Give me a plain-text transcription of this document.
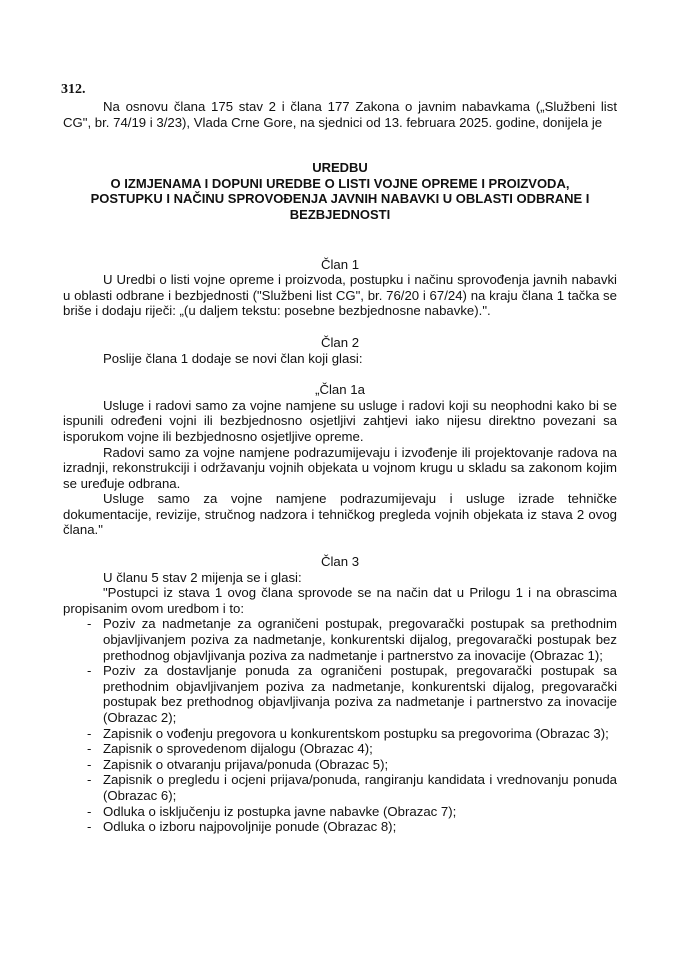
312.

Na osnovu člana 175 stav 2 i člana 177 Zakona o javnim nabavkama („Službeni list CG", br. 74/19 i 3/23), Vlada Crne Gore, na sjednici od 13. februara 2025. godine, donijela je

UREDBU
O IZMJENAMA I DOPUNI UREDBE O LISTI VOJNE OPREME I PROIZVODA,
POSTUPKU I NAČINU SPROVOĐENJA JAVNIH NABAVKI U OBLASTI ODBRANE I
BEZBJEDNOSTI
Član 1

U Uredbi o listi vojne opreme i proizvoda, postupku i načinu sprovođenja javnih nabavki u oblasti odbrane i bezbjednosti ("Službeni list CG", br. 76/20 i 67/24) na kraju člana 1 tačka se briše i dodaju riječi: „(u daljem tekstu: posebne bezbjednosne nabavke).".

Član 2

Poslije člana 1 dodaje se novi član koji glasi:

„Član 1a

Usluge i radovi samo za vojne namjene su usluge i radovi koji su neophodni kako bi se ispunili određeni vojni ili bezbjednosno osjetljivi zahtjevi iako nijesu direktno povezani sa isporukom vojne ili bezbjednosno osjetljive opreme.

Radovi samo za vojne namjene podrazumijevaju i izvođenje ili projektovanje radova na izradnji, rekonstrukciji i održavanju vojnih objekata u vojnom krugu u skladu sa zakonom kojim se uređuje odbrana.

Usluge samo za vojne namjene podrazumijevaju i usluge izrade tehničke dokumentacije, revizije, stručnog nadzora i tehničkog pregleda vojnih objekata iz stava 2 ovog člana."

Član 3

U članu 5 stav 2 mijenja se i glasi:

"Postupci iz stava 1 ovog člana sprovode se na način dat u Prilogu 1 i na obrascima propisanim ovom uredbom i to:

- Poziv za nadmetanje za ograničeni postupak, pregovarački postupak sa prethodnim objavljivanjem poziva za nadmetanje, konkurentski dijalog, pregovarački postupak bez prethodnog objavljivanja poziva za nadmetanje i partnerstvo za inovacije (Obrazac 1);
- Poziv za dostavljanje ponuda za ograničeni postupak, pregovarački postupak sa prethodnim objavljivanjem poziva za nadmetanje, konkurentski dijalog, pregovarački postupak bez prethodnog objavljivanja poziva za nadmetanje i partnerstvo za inovacije (Obrazac 2);
- Zapisnik o vođenju pregovora u konkurentskom postupku sa pregovorima (Obrazac 3);
- Zapisnik o sprovedenom dijalogu (Obrazac 4);
- Zapisnik o otvaranju prijava/ponuda (Obrazac 5);
- Zapisnik o pregledu i ocjeni prijava/ponuda, rangiranju kandidata i vrednovanju ponuda (Obrazac 6);
- Odluka o isključenju iz postupka javne nabavke (Obrazac 7);
- Odluka o izboru najpovoljnije ponude (Obrazac 8);
